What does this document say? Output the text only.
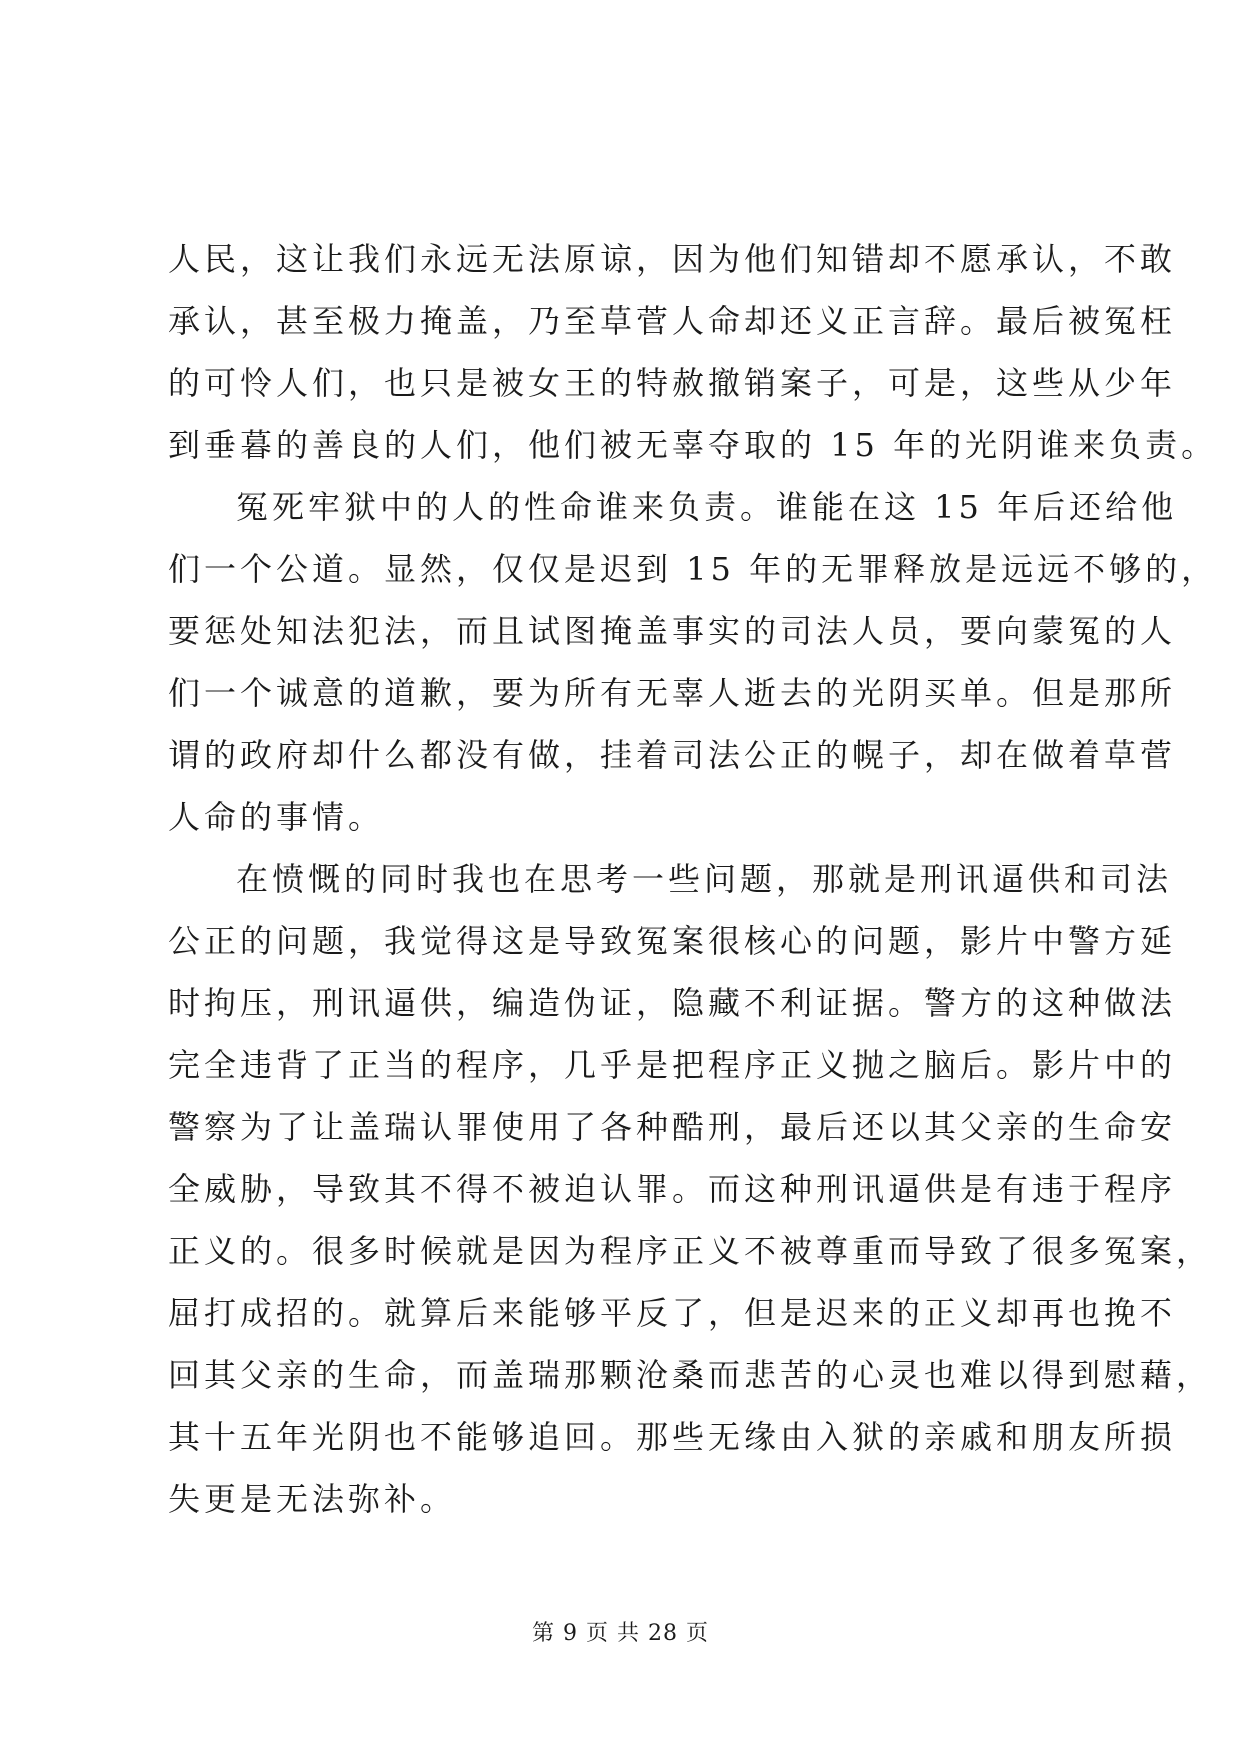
人民，这让我们永远无法原谅，因为他们知错却不愿承认，不敢
承认，甚至极力掩盖，乃至草菅人命却还义正言辞。最后被冤枉
的可怜人们，也只是被女王的特赦撤销案子，可是，这些从少年
到垂暮的善良的人们，他们被无辜夺取的 15 年的光阴谁来负责。
冤死牢狱中的人的性命谁来负责。谁能在这 15 年后还给他
们一个公道。显然，仅仅是迟到 15 年的无罪释放是远远不够的，
要惩处知法犯法，而且试图掩盖事实的司法人员，要向蒙冤的人
们一个诚意的道歉，要为所有无辜人逝去的光阴买单。但是那所
谓的政府却什么都没有做，挂着司法公正的幌子，却在做着草菅
人命的事情。
在愤慨的同时我也在思考一些问题，那就是刑讯逼供和司法
公正的问题，我觉得这是导致冤案很核心的问题，影片中警方延
时拘压，刑讯逼供，编造伪证，隐藏不利证据。警方的这种做法
完全违背了正当的程序，几乎是把程序正义抛之脑后。影片中的
警察为了让盖瑞认罪使用了各种酷刑，最后还以其父亲的生命安
全威胁，导致其不得不被迫认罪。而这种刑讯逼供是有违于程序
正义的。很多时候就是因为程序正义不被尊重而导致了很多冤案，
屈打成招的。就算后来能够平反了，但是迟来的正义却再也挽不
回其父亲的生命，而盖瑞那颗沧桑而悲苦的心灵也难以得到慰藉，
其十五年光阴也不能够追回。那些无缘由入狱的亲戚和朋友所损
失更是无法弥补。
第 9 页 共 28 页
